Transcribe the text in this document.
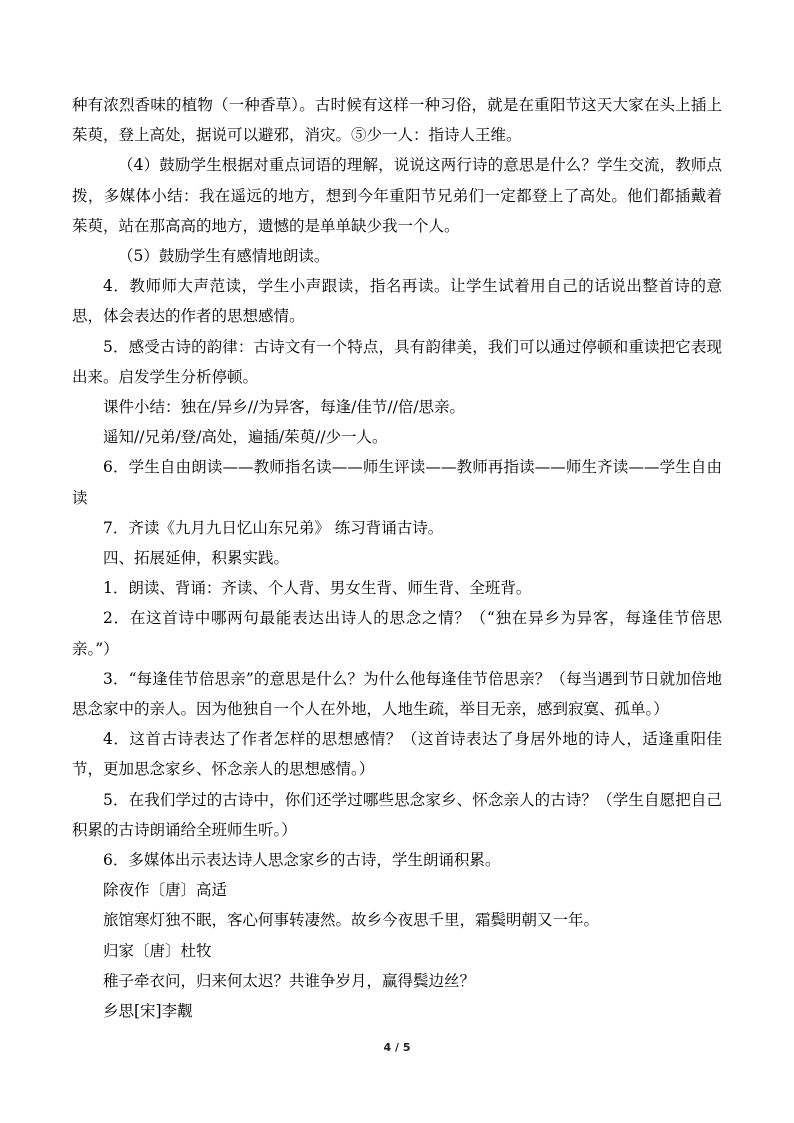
种有浓烈香味的植物（一种香草）。古时候有这样一种习俗，就是在重阳节这天大家在头上插上茱萸，登上高处，据说可以避邪，消灾。⑤少一人：指诗人王维。

（4）鼓励学生根据对重点词语的理解，说说这两行诗的意思是什么？学生交流，教师点拨，多媒体小结：我在遥远的地方，想到今年重阳节兄弟们一定都登上了高处。他们都插戴着茱萸，站在那高高的地方，遗憾的是单单缺少我一个人。

（5）鼓励学生有感情地朗读。

4．教师师大声范读，学生小声跟读，指名再读。让学生试着用自己的话说出整首诗的意思，体会表达的作者的思想感情。

5．感受古诗的韵律：古诗文有一个特点，具有韵律美，我们可以通过停顿和重读把它表现出来。启发学生分析停顿。

课件小结：独在/异乡//为异客，每逢/佳节//倍/思亲。

遥知//兄弟/登/高处，遍插/茱萸//少一人。

6．学生自由朗读——教师指名读——师生评读——教师再指读——师生齐读——学生自由读

7．齐读《九月九日忆山东兄弟》 练习背诵古诗。

四、拓展延伸，积累实践。

1．朗读、背诵：齐读、个人背、男女生背、师生背、全班背。

2．在这首诗中哪两句最能表达出诗人的思念之情？（“独在异乡为异客，每逢佳节倍思亲。”）

3．“每逢佳节倍思亲”的意思是什么？为什么他每逢佳节倍思亲？（每当遇到节日就加倍地思念家中的亲人。因为他独自一个人在外地，人地生疏，举目无亲，感到寂寞、孤单。）

4．这首古诗表达了作者怎样的思想感情？（这首诗表达了身居外地的诗人，适逢重阳佳节，更加思念家乡、怀念亲人的思想感情。）

5．在我们学过的古诗中，你们还学过哪些思念家乡、怀念亲人的古诗？（学生自愿把自己积累的古诗朗诵给全班师生听。）

6．多媒体出示表达诗人思念家乡的古诗，学生朗诵积累。

除夜作〔唐〕高适

旅馆寒灯独不眠，客心何事转凄然。故乡今夜思千里，霜鬓明朝又一年。

归家〔唐〕杜牧

稚子牵衣问，归来何太迟？共谁争岁月，赢得鬓边丝？

乡思[宋]李觏

4 / 5
